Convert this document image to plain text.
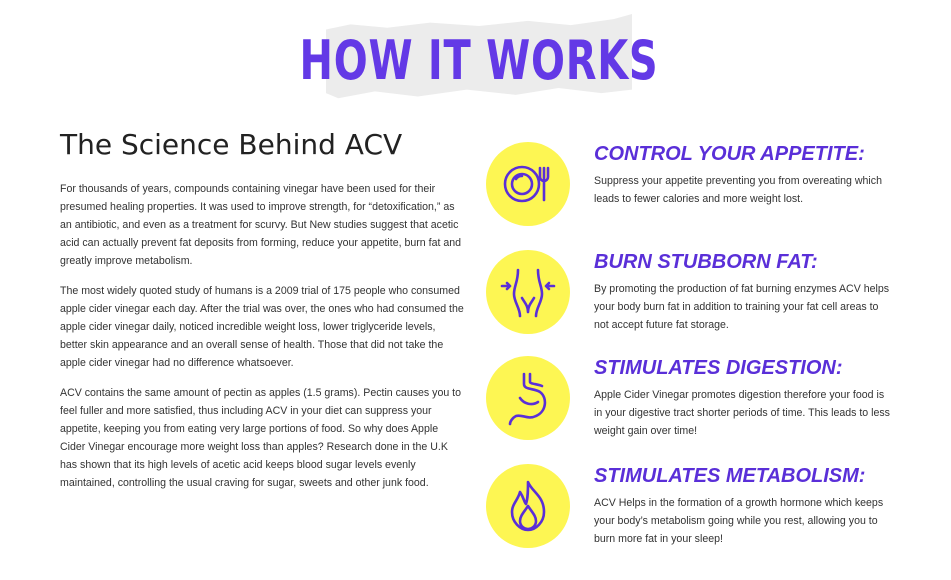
HOW IT WORKS
The Science Behind ACV

For thousands of years, compounds containing vinegar have been used for their presumed healing properties. It was used to improve strength, for “detoxification,” as an antibiotic, and even as a treatment for scurvy. But New studies suggest that acetic acid can actually prevent fat deposits from forming, reduce your appetite, burn fat and greatly improve metabolism.

The most widely quoted study of humans is a 2009 trial of 175 people who consumed apple cider vinegar each day. After the trial was over, the ones who had consumed the apple cider vinegar daily, noticed incredible weight loss, lower triglyceride levels, better skin appearance and an overall sense of health. Those that did not take the apple cider vinegar had no difference whatsoever.

ACV contains the same amount of pectin as apples (1.5 grams). Pectin causes you to feel fuller and more satisfied, thus including ACV in your diet can suppress your appetite, keeping you from eating very large portions of food. So why does Apple Cider Vinegar encourage more weight loss than apples? Research done in the U.K has shown that its high levels of acetic acid keeps blood sugar levels evenly maintained, controlling the usual craving for sugar, sweets and other junk food.

CONTROL YOUR APPETITE:
Suppress your appetite preventing you from overeating which leads to fewer calories and more weight lost.
BURN STUBBORN FAT:
By promoting the production of fat burning enzymes ACV helps your body burn fat in addition to training your fat cell areas to not accept future fat storage.
STIMULATES DIGESTION:
Apple Cider Vinegar promotes digestion therefore your food is in your digestive tract shorter periods of time. This leads to less weight gain over time!
STIMULATES METABOLISM:
ACV Helps in the formation of a growth hormone which keeps your body’s metabolism going while you rest, allowing you to burn more fat in your sleep!
